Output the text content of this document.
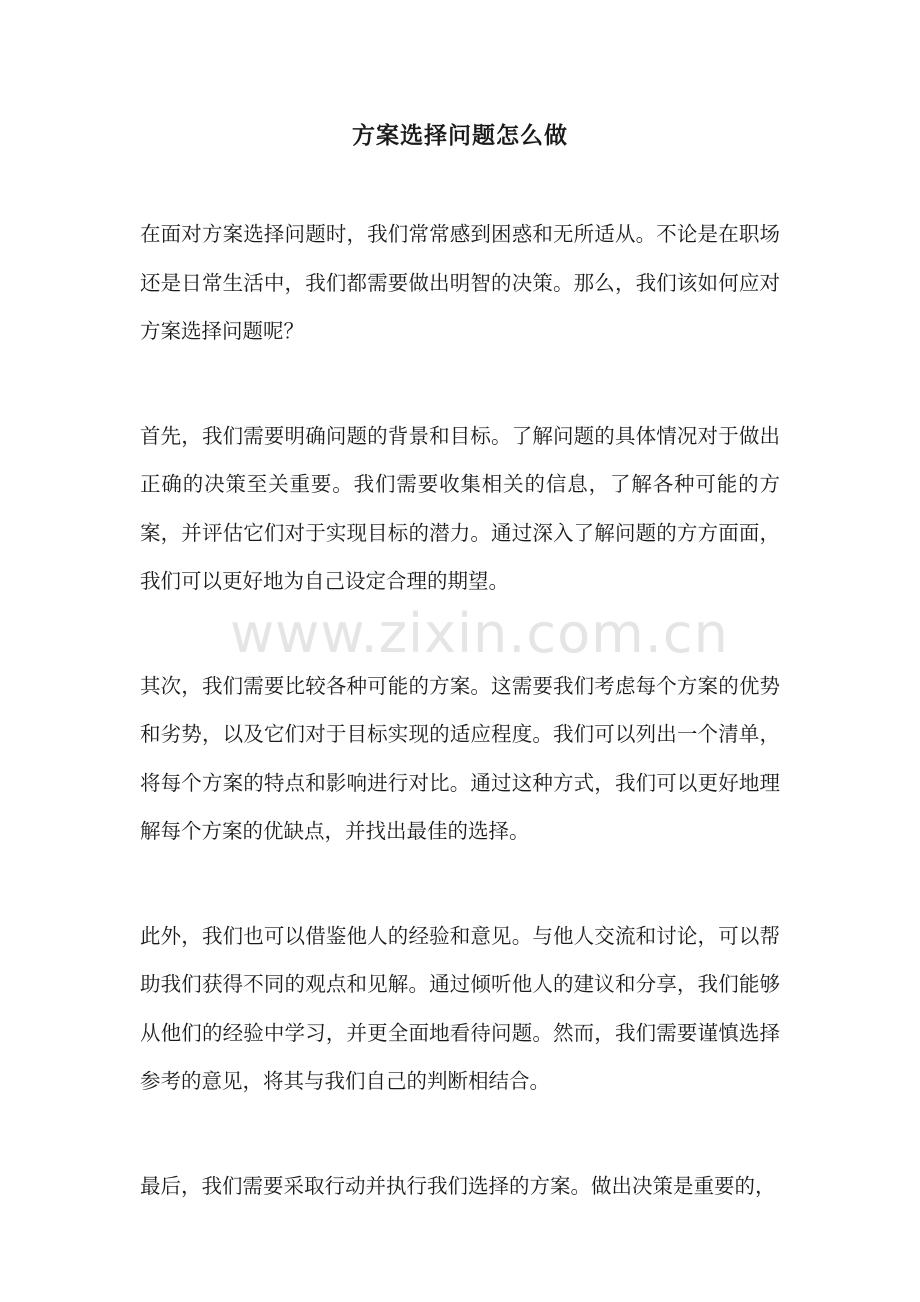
方案选择问题怎么做

在面对方案选择问题时，我们常常感到困惑和无所适从。不论是在职场还是日常生活中，我们都需要做出明智的决策。那么，我们该如何应对方案选择问题呢？

首先，我们需要明确问题的背景和目标。了解问题的具体情况对于做出正确的决策至关重要。我们需要收集相关的信息，了解各种可能的方案，并评估它们对于实现目标的潜力。通过深入了解问题的方方面面，我们可以更好地为自己设定合理的期望。

其次，我们需要比较各种可能的方案。这需要我们考虑每个方案的优势和劣势，以及它们对于目标实现的适应程度。我们可以列出一个清单，将每个方案的特点和影响进行对比。通过这种方式，我们可以更好地理解每个方案的优缺点，并找出最佳的选择。

此外，我们也可以借鉴他人的经验和意见。与他人交流和讨论，可以帮助我们获得不同的观点和见解。通过倾听他人的建议和分享，我们能够从他们的经验中学习，并更全面地看待问题。然而，我们需要谨慎选择参考的意见，将其与我们自己的判断相结合。

最后，我们需要采取行动并执行我们选择的方案。做出决策是重要的，

www.zixin.com.cn
